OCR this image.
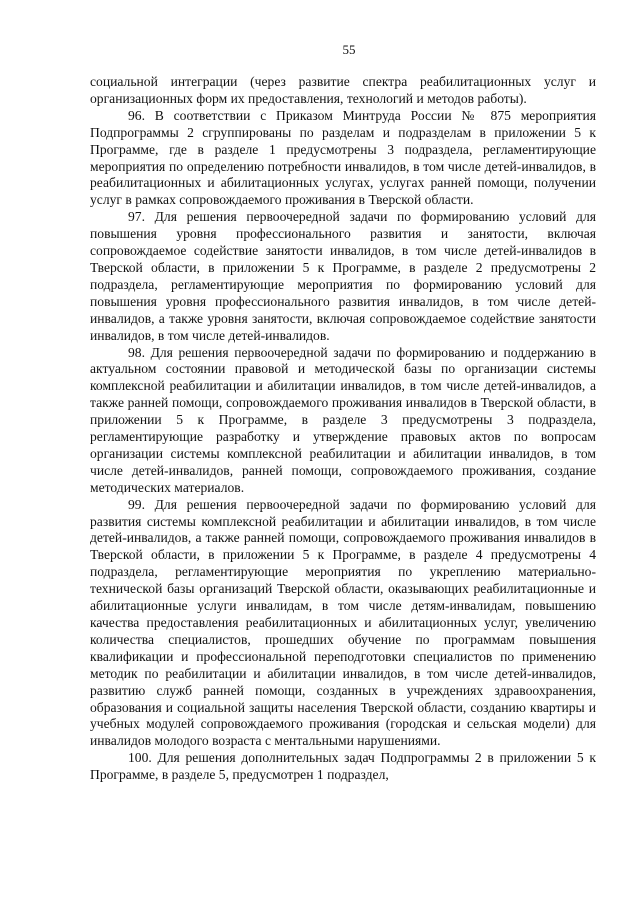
55

социальной интеграции (через развитие спектра реабилитационных услуг и организационных форм их предоставления, технологий и методов работы).

96. В соответствии с Приказом Минтруда России № 875 мероприятия Подпрограммы 2 сгруппированы по разделам и подразделам в приложении 5 к Программе, где в разделе 1 предусмотрены 3 подраздела, регламентирующие мероприятия по определению потребности инвалидов, в том числе детей-инвалидов, в реабилитационных и абилитационных услугах, услугах ранней помощи, получении услуг в рамках сопровождаемого проживания в Тверской области.

97. Для решения первоочередной задачи по формированию условий для повышения уровня профессионального развития и занятости, включая сопровождаемое содействие занятости инвалидов, в том числе детей-инвалидов в Тверской области, в приложении 5 к Программе, в разделе 2 предусмотрены 2 подраздела, регламентирующие мероприятия по формированию условий для повышения уровня профессионального развития инвалидов, в том числе детей-инвалидов, а также уровня занятости, включая сопровождаемое содействие занятости инвалидов, в том числе детей-инвалидов.

98. Для решения первоочередной задачи по формированию и поддержанию в актуальном состоянии правовой и методической базы по организации системы комплексной реабилитации и абилитации инвалидов, в том числе детей-инвалидов, а также ранней помощи, сопровождаемого проживания инвалидов в Тверской области, в приложении 5 к Программе, в разделе 3 предусмотрены 3 подраздела, регламентирующие разработку и утверждение правовых актов по вопросам организации системы комплексной реабилитации и абилитации инвалидов, в том числе детей-инвалидов, ранней помощи, сопровождаемого проживания, создание методических материалов.

99. Для решения первоочередной задачи по формированию условий для развития системы комплексной реабилитации и абилитации инвалидов, в том числе детей-инвалидов, а также ранней помощи, сопровождаемого проживания инвалидов в Тверской области, в приложении 5 к Программе, в разделе 4 предусмотрены 4 подраздела, регламентирующие мероприятия по укреплению материально-технической базы организаций Тверской области, оказывающих реабилитационные и абилитационные услуги инвалидам, в том числе детям-инвалидам, повышению качества предоставления реабилитационных и абилитационных услуг, увеличению количества специалистов, прошедших обучение по программам повышения квалификации и профессиональной переподготовки специалистов по применению методик по реабилитации и абилитации инвалидов, в том числе детей-инвалидов, развитию служб ранней помощи, созданных в учреждениях здравоохранения, образования и социальной защиты населения Тверской области, созданию квартиры и учебных модулей сопровождаемого проживания (городская и сельская модели) для инвалидов молодого возраста с ментальными нарушениями.

100. Для решения дополнительных задач Подпрограммы 2 в приложении 5 к Программе, в разделе 5, предусмотрен 1 подраздел,
